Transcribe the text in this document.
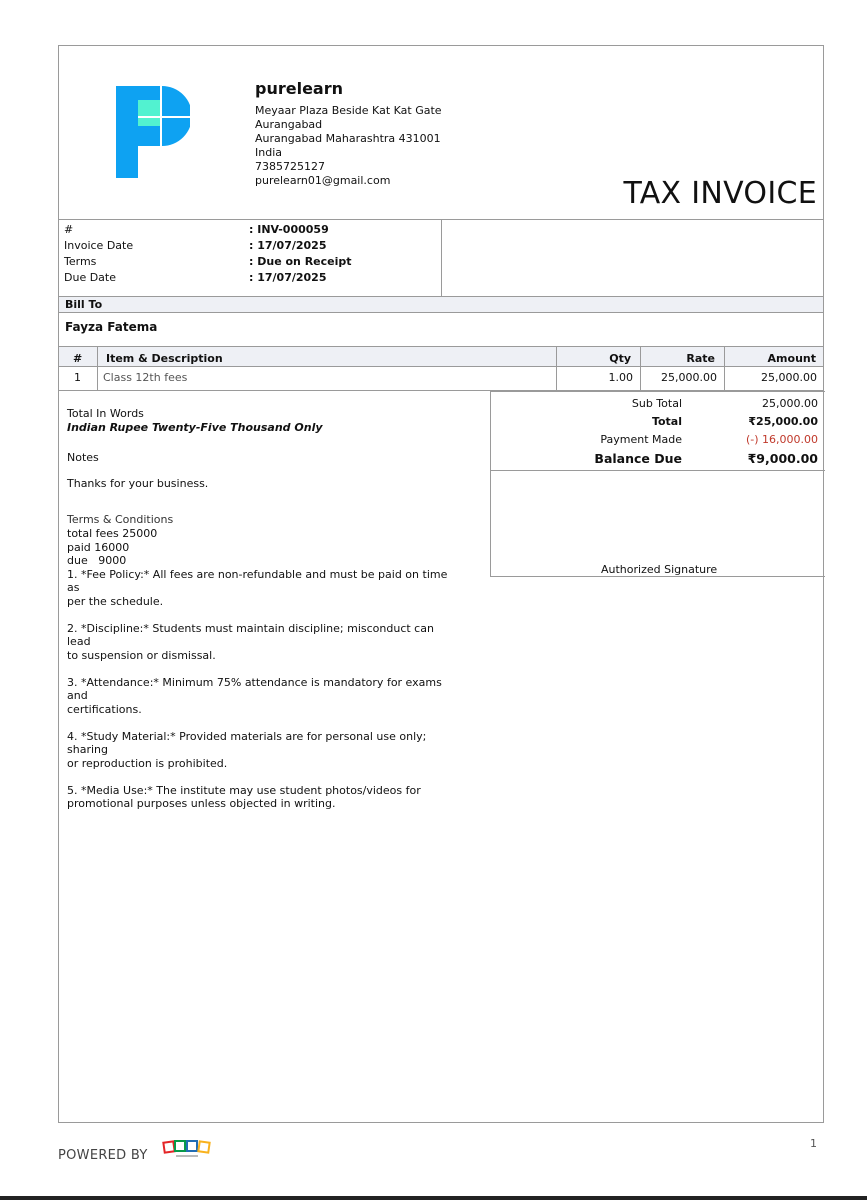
purelearn
Meyaar Plaza Beside Kat Kat Gate
Aurangabad
Aurangabad Maharashtra 431001
India
7385725127
purelearn01@gmail.com	TAX INVOICE
#	: INV-000059
Invoice Date	: 17/07/2025
Terms	: Due on Receipt
Due Date	: 17/07/2025
Bill To
Fayza Fatema
# Item & Description	Qty	Rate	Amount
1 Class 12th fees	1.00	25,000.00	25,000.00
Total In Words
Indian Rupee Twenty-Five Thousand Only
Notes
Thanks for your business.
Terms & Conditions
total fees 25000
paid 16000
due   9000
1. *Fee Policy:* All fees are non-refundable and must be paid on time as
per the schedule.
2. *Discipline:* Students must maintain discipline; misconduct can lead
to suspension or dismissal.
3. *Attendance:* Minimum 75% attendance is mandatory for exams and
certifications.
4. *Study Material:* Provided materials are for personal use only; sharing
or reproduction is prohibited.
5. *Media Use:* The institute may use student photos/videos for
promotional purposes unless objected in writing.
Sub Total	25,000.00
Total	₹25,000.00
Payment Made	(-) 16,000.00
Balance Due	₹9,000.00
Authorized Signature
POWERED BY
1
